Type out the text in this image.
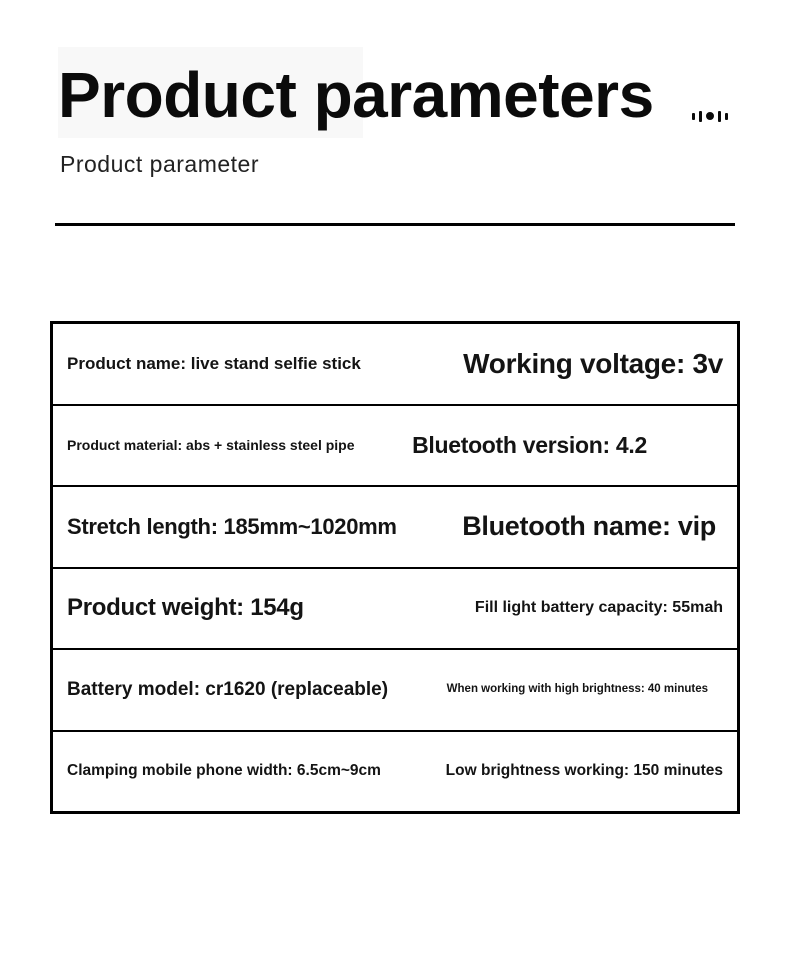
Product parameters
Product parameter
Product name: live stand selfie stick	Working voltage: 3v
Product material: abs + stainless steel pipe	Bluetooth version: 4.2
Stretch length: 185mm~1020mm Bluetooth name: vip
Product weight: 154g	Fill light battery capacity: 55mah
Battery model: cr1620 (replaceable)	When working with high brightness: 40 minutes
Clamping mobile phone width: 6.5cm~9cm	Low brightness working: 150 minutes
